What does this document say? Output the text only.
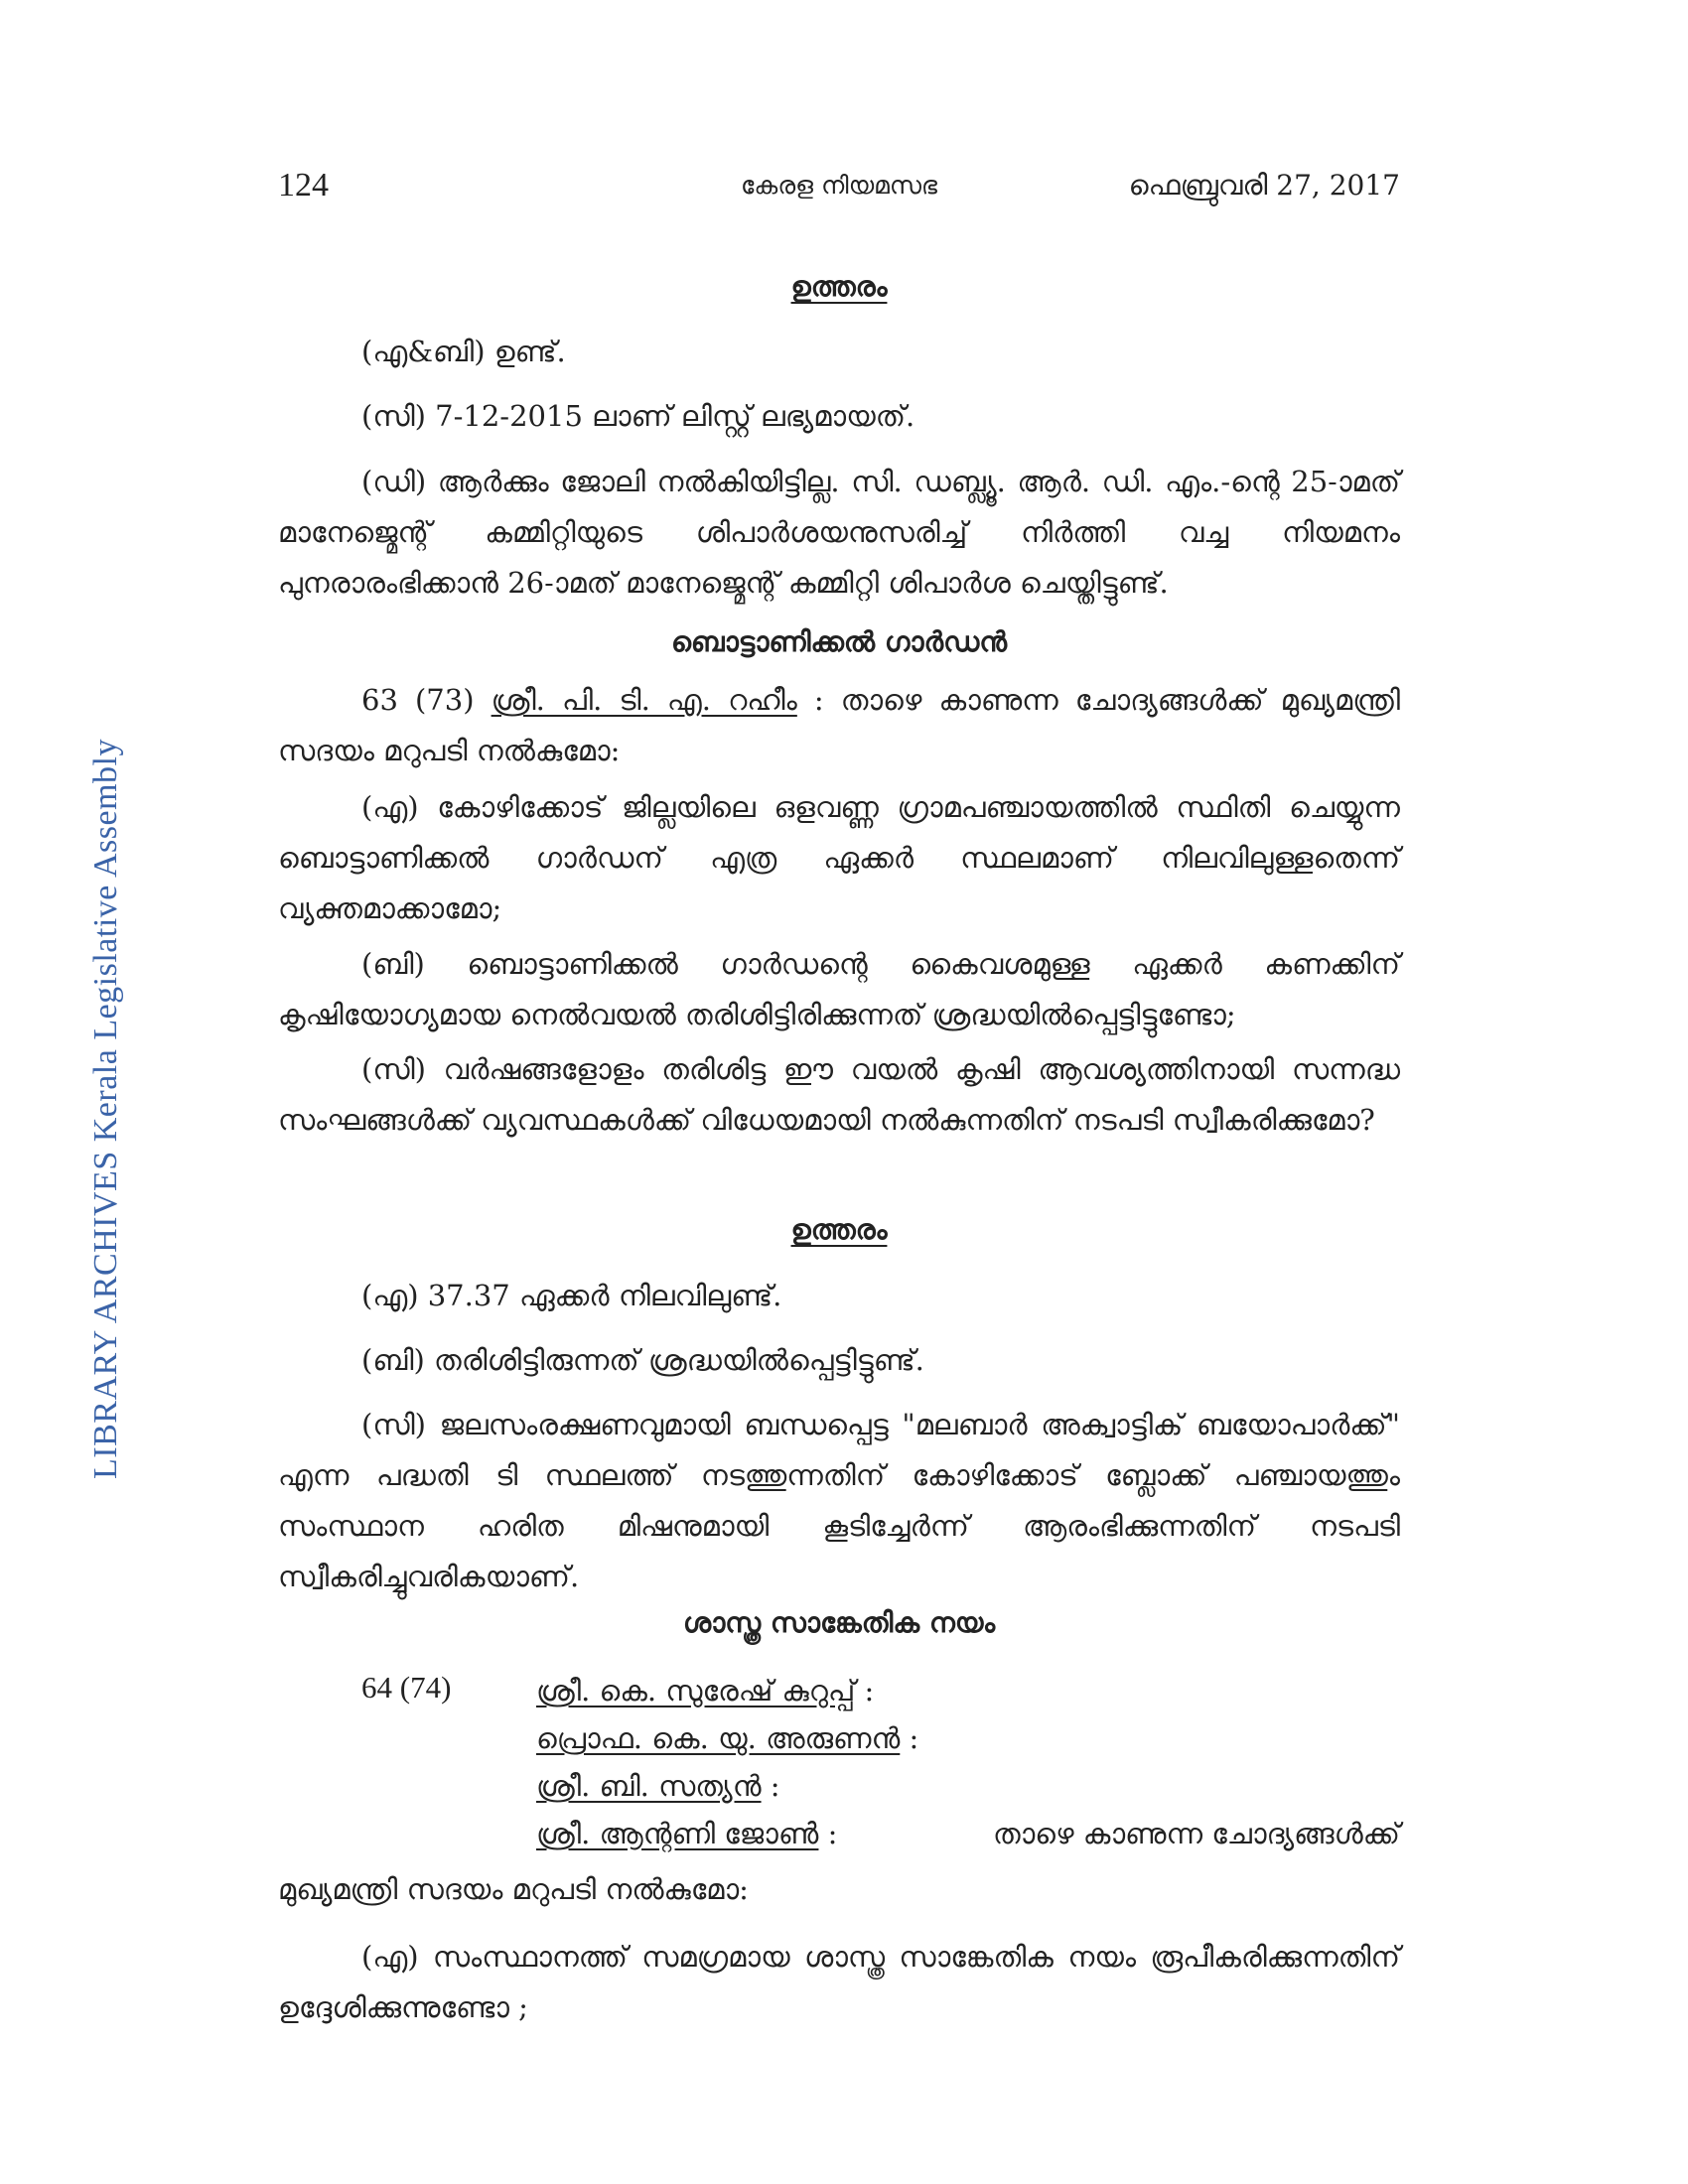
124	കേരള നിയമസഭ	ഫെബ്രുവരി 27, 2017
LIBRARY ARCHIVES Kerala Legislative Assembly
ഉത്തരം
(എ&ബി) ഉണ്ട്.
(സി) 7-12-2015 ലാണ് ലിസ്റ്റ് ലഭ്യമായത്.
(ഡി) ആർക്കും ജോലി നൽകിയിട്ടില്ല. സി. ഡബ്ല്യൂ. ആർ. ഡി. എം.-ന്റെ 25-ാമത് മാനേജ്മെന്റ് കമ്മിറ്റിയുടെ ശിപാർശയനുസരിച്ച് നിർത്തി വച്ച നിയമനം പുനരാരംഭിക്കാൻ 26-ാമത് മാനേജ്മെന്റ് കമ്മിറ്റി ശിപാർശ ചെയ്തിട്ടുണ്ട്.
ബൊട്ടാണിക്കൽ ഗാർഡൻ
63 (73) ശ്രീ. പി. ടി. എ. റഹീം : താഴെ കാണുന്ന ചോദ്യങ്ങൾക്ക് മുഖ്യമന്ത്രി സദയം മറുപടി നൽകുമോ:
(എ) കോഴിക്കോട് ജില്ലയിലെ ഒളവണ്ണ ഗ്രാമപഞ്ചായത്തിൽ സ്ഥിതി ചെയ്യുന്ന ബൊട്ടാണിക്കൽ ഗാർഡന് എത്ര ഏക്കർ സ്ഥലമാണ് നിലവിലുള്ളതെന്ന് വ്യക്തമാക്കാമോ;
(ബി) ബൊട്ടാണിക്കൽ ഗാർഡന്റെ കൈവശമുള്ള ഏക്കർ കണക്കിന് കൃഷിയോഗ്യമായ നെൽവയൽ തരിശിട്ടിരിക്കുന്നത് ശ്രദ്ധയിൽപ്പെട്ടിട്ടുണ്ടോ;
(സി) വർഷങ്ങളോളം തരിശിട്ട ഈ വയൽ കൃഷി ആവശ്യത്തിനായി സന്നദ്ധ സംഘങ്ങൾക്ക് വ്യവസ്ഥകൾക്ക് വിധേയമായി നൽകുന്നതിന് നടപടി സ്വീകരിക്കുമോ?
ഉത്തരം
(എ) 37.37 ഏക്കർ നിലവിലുണ്ട്.
(ബി) തരിശിട്ടിരുന്നത് ശ്രദ്ധയിൽപ്പെട്ടിട്ടുണ്ട്.
(സി) ജലസംരക്ഷണവുമായി ബന്ധപ്പെട്ട "മലബാർ അക്വാട്ടിക് ബയോപാർക്ക്" എന്ന പദ്ധതി ടി സ്ഥലത്ത് നടത്തുന്നതിന് കോഴിക്കോട് ബ്ലോക്ക് പഞ്ചായത്തും സംസ്ഥാന ഹരിത മിഷനുമായി കൂടിച്ചേർന്ന് ആരംഭിക്കുന്നതിന് നടപടി സ്വീകരിച്ചുവരികയാണ്.
ശാസ്ത്ര സാങ്കേതിക നയം
64 (74)	ശ്രീ. കെ. സുരേഷ് കുറുപ്പ് :
പ്രൊഫ. കെ. യു. അരുണൻ :
ശ്രീ. ബി. സത്യൻ :
ശ്രീ. ആന്റണി ജോൺ :	താഴെ കാണുന്ന ചോദ്യങ്ങൾക്ക്
മുഖ്യമന്ത്രി സദയം മറുപടി നൽകുമോ:
(എ) സംസ്ഥാനത്ത് സമഗ്രമായ ശാസ്ത്ര സാങ്കേതിക നയം രൂപീകരിക്കുന്നതിന് ഉദ്ദേശിക്കുന്നുണ്ടോ ;
